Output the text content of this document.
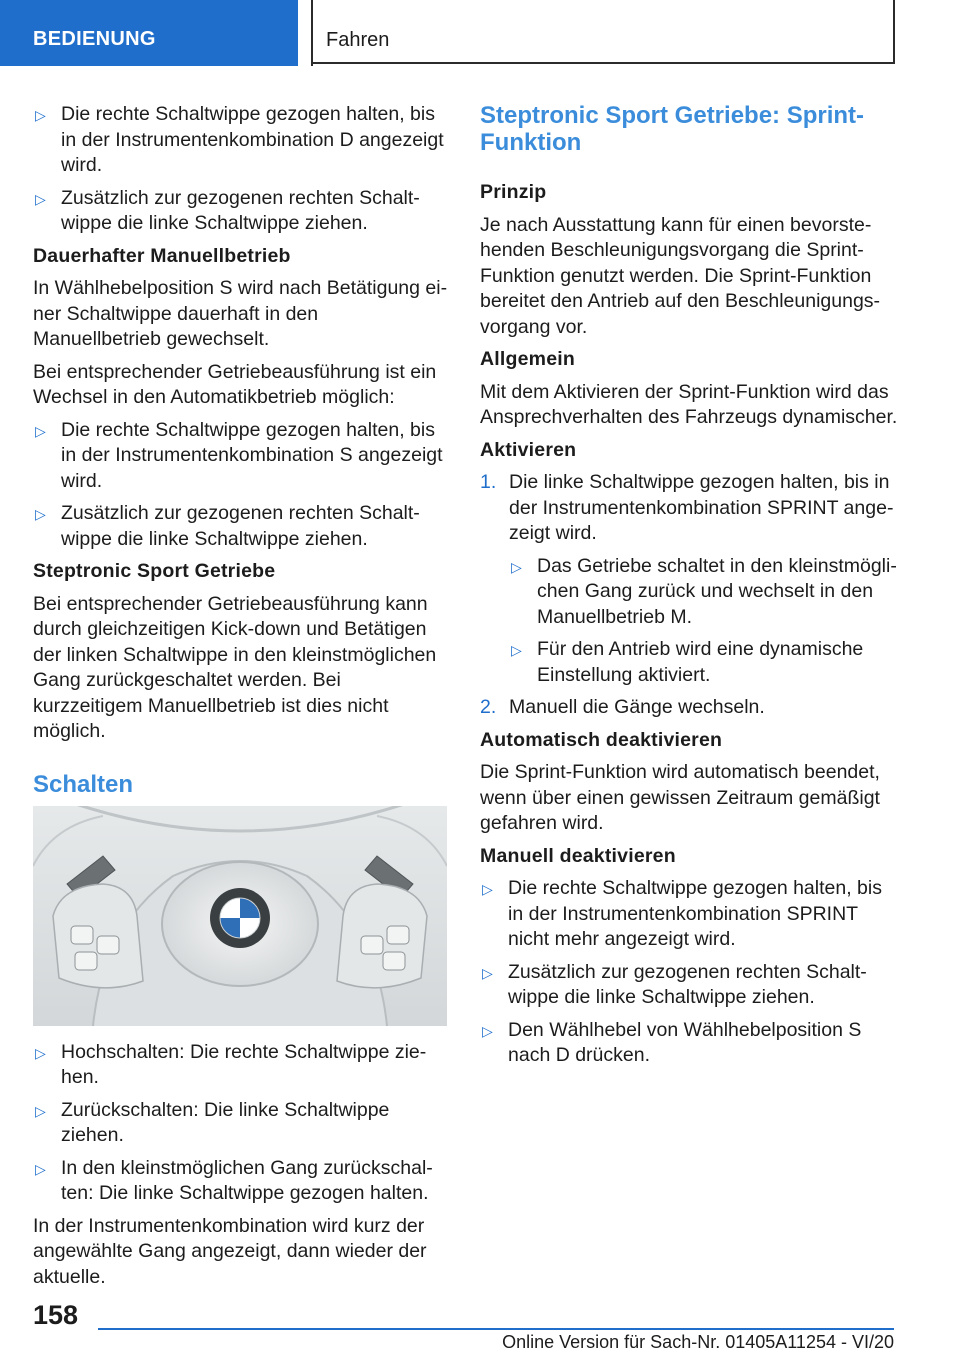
BEDIENUNG	Fahren
▷ Die rechte Schaltwippe gezogen halten, bis in der Instrumentenkombination D angezeigt wird.
▷ Zusätzlich zur gezogenen rechten Schaltwippe die linke Schaltwippe ziehen.

Dauerhafter Manuellbetrieb

In Wählhebelposition S wird nach Betätigung einer Schaltwippe dauerhaft in den Manuellbetrieb gewechselt.

Bei entsprechender Getriebeausführung ist ein Wechsel in den Automatikbetrieb möglich:

▷ Die rechte Schaltwippe gezogen halten, bis in der Instrumentenkombination S angezeigt wird.
▷ Zusätzlich zur gezogenen rechten Schaltwippe die linke Schaltwippe ziehen.

Steptronic Sport Getriebe

Bei entsprechender Getriebeausführung kann durch gleichzeitigen Kick-down und Betätigen der linken Schaltwippe in den kleinstmöglichen Gang zurückgeschaltet werden. Bei kurzzeitigem Manuellbetrieb ist dies nicht möglich.

Schalten

▷ Hochschalten: Die rechte Schaltwippe ziehen.
▷ Zurückschalten: Die linke Schaltwippe ziehen.
▷ In den kleinstmöglichen Gang zurückschalten: Die linke Schaltwippe gezogen halten.

In der Instrumentenkombination wird kurz der angewählte Gang angezeigt, dann wieder der aktuelle.

Steptronic Sport Getriebe: Sprint-Funktion

Prinzip

Je nach Ausstattung kann für einen bevorstehenden Beschleunigungsvorgang die Sprint-Funktion genutzt werden. Die Sprint-Funktion bereitet den Antrieb auf den Beschleunigungsvorgang vor.

Allgemein

Mit dem Aktivieren der Sprint-Funktion wird das Ansprechverhalten des Fahrzeugs dynamischer.

Aktivieren

1. Die linke Schaltwippe gezogen halten, bis in der Instrumentenkombination SPRINT angezeigt wird.
▷ Das Getriebe schaltet in den kleinstmöglichen Gang zurück und wechselt in den Manuellbetrieb M.
▷ Für den Antrieb wird eine dynamische Einstellung aktiviert.
2. Manuell die Gänge wechseln.

Automatisch deaktivieren

Die Sprint-Funktion wird automatisch beendet, wenn über einen gewissen Zeitraum gemäßigt gefahren wird.

Manuell deaktivieren

▷ Die rechte Schaltwippe gezogen halten, bis in der Instrumentenkombination SPRINT nicht mehr angezeigt wird.
▷ Zusätzlich zur gezogenen rechten Schaltwippe die linke Schaltwippe ziehen.
▷ Den Wählhebel von Wählhebelposition S nach D drücken.
158
Online Version für Sach-Nr. 01405A11254 - VI/20
